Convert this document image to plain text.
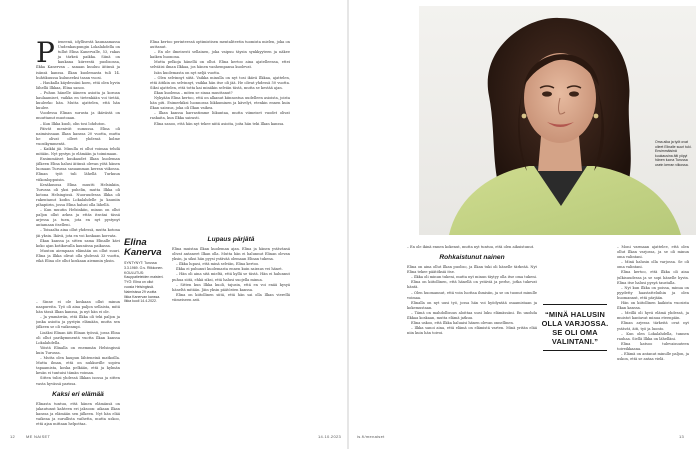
P ieneenä, idyllisestä kaunaamassa Uudenkaupungin Lokalahdella on tullut Elina Kanervalle, 53, rakas ja tärkeä paikka. Siinä on kaukana kiireestä puolisonsa, Ilkka Kanervan – sanaan kuuluu äitinsä ja isänsä kanssa. Ilkan kuolemasta tuli 14. huhtikuussa kuluneeksi tasan vuosi.

– Haukalla käydessäni koen, että olen hyvin lähellä Ilkkaa, Elina sanoo.

– Puhun hänelle ääneen asioita ja koroan kaulaamiset, vaikka en tietenkään voi tietää, kuuleeko hän. Mutta ajattelen, että hän kuulee.

Vuodessa Elinan surusta ja ikävästä on muuttanut muotoaan.

– Kun Ilkka kuoli, olin tosi lohduton.

Päivät menivät sumussa. Elina oli naimisissaan Ilkan kanssa 20 vuotta, mutta he olivat olleet yhdessä kolme vuosikymmentä.

– Kaikki jäi. Minulla ei ollut voimaa tehdä mitään. Nyt pystyn jo elämään ja toimimaan.

Ensimmäiset kuukaudet Ilkan kuoleman jälkeen Elina halusi äitinsä olevan yötä hänen luonaan Turussa sasuamman kerran viikossa. Elinan työt tuli lähellä Turkuun viikonloppuisin.

Kesäkuussa Elina muutti Helsinkiin, Turussa oli yksi puhelin, mutta Ilkka oli kotona Helsingissä. Nuoruudessa Ilkka oli rakentanut kodin Lokalahdelle ja kauniin pihapiirin, jossa Elina halusi olla lähellä.

– Kun muutin Helsinkiin, minun on ollut paljon ollut arkea ja ettäs itseäni tässä arjessa ja tuen, jota en nyt pystynyt antamaan itselleni.

– Toisaalta aina ollut yhdessä, mutta kotona jäi yksin. Ikävä, jota en voi koskaan korvata.

Ilkan kanssa ja sitten sama Elinalle kävi koko ajan kotikuvalla kauniissa paikassa.

Muuton aiempaan elämään on ollut suuri. Elina ja Ilkka olivat olla yhdessä 33 vuotta, eikä Elina ole ollut koskaan aiemmin yksin.

– Sinne ei ole koskaan ollut minun naapureita. Työ oli aina paljon sellaista, mitä hän tässä Ilkan kanssa, ja nyt hän ei ole.

– Ja ymmärrän, että Ilkka oli teki paljon ja jonka asioita ja pystyin elämään, mutta sen jälkeen se oli vaikeampi.

Lisäksi Elinan äiti Elinan työssä, jossa Elina oli ollut parikymmentä vuotta Ilkan kanssa Lokalahdella.

Yöistä Elinalla on enemmän Helsingissä kuin Turussa.

– Mutta olen kaupun lähteneinä matkoilla. Mutta ilman, että on nukkuville sopiva tapaamista, koska pelkään, että ja kylmän kesän ei tuntuisi tämän voiman.

Sitten tulisi yhdessä Ilkkan isossa ja sitten vasta hyvässä parissa.

Kaksi eri elämää

Elinasta tuntuu, että hänen elämänsä on jakautunut kahteen eri jaksoon: aikaan Ilkan kanssa ja elämään sen jälkeen. Nyt hän elää vaikeaa ja surullista vaihetta, mutta uskoo, että ajan mittaan helpottaa.

Elina kertoo perinteessä optimistisen mentaliteetin tuomista mielen, joka on auttanut.

– En ole ilmeisesti sellainen, joka vaipuu täysin synkkyyteen ja näkee kaiken huonona.

Mutta pelkoja hänellä on ollut. Elina kertoo aina ajatelleensa, ettei selviäisi ilman Ilkkaa, jos hänen vanhempansa kuolevat.

Isän kuolemasta on nyt neljä vuotta.

– Olen selvinnyt siitä. Vaikka minulla on nyt tosi ikävä Ilkkaa, ajattelen, että äitikin on selvinnyt, vaikka hän itse oli jää. He olivat yhdessä 50 vuotta. Siksi ajattelen, että totta kai minäkin selviän tästä, mutta se kestää ajan.

Ilkan kuolema – miten se sinua muuttanut?

Nykyään Elina kertoo, että on alkanut kiinnostua uudelleen asioista, joista hän piti. Esimerkiksi luonnossa liikkuminen ja kävelyt, etenkin ennen kuin Ilkan sairaus, joka oli Ilkan vaikea.

– Ilkan kanssa harrastimme liikuntaa, mutta viimeiset vuodet olivat raskaita, kun Ilkka sairasti.

Elina sanoo, että hän nyt tekee niitä asioita, joita hän teki Ilkan kanssa.

Elina
Kanerva
SYNTYNYT: Turussa 3.3.1969. O.s. Riikkonen. KOULUTUS: Kauppatieteiden maisteri. TYÖ: Elina on ollut vuosia Helsingissä. Naimisissa 29 vuotta Ilkka Kanervan kanssa. Ilkka kuoli 14.4.2022.
Lupaus pärjätä

Elina muistaa Ilkan kuoleman ajan. Elina ja hänen ystävänsä olivat antaneet Ilkan olla. Mutta hän ei halunnut Elinan olevan yksin, ja siksi hän pyysi ystävää olemaan Elinan tukena.

– Ilkka lupasi, että minä selviän, Elina kertoo.

Ilkka ei puhunut kuolemasta ennen kuin sairaus vei hänet.

– Hän oli aina sitä mieltä, että kyllä se tästä. Hän ei halunnut puhua siitä, ehkä siksi, että halusi suojella minua.

– Sitten kun Ilkka kuoli, tajusin, että en voi enää kysyä häneltä mitään. Jäin yksin päätösten kanssa.

Elina on kiitollinen siitä, että hän sai olla Ilkan vierellä viimeiseen asti.

12	ME NAISET	14.10.2023
Oma aika ja työt ovat olleet Elinalle suuri tuki. Ensimmäisinä kuukausina äiti yöpyi hänen luona Turussa usein kerran viikossa.

– En ole ikinä ennen kokenut, mutta nyt tuntuu, että olen aikuistunut.

Rohkaistunut nainen

Elina on aina ollut Ilkan puoliso, ja Ilkan tuki oli hänelle tärkeää. Nyt Elina tekee päätöksiä itse.

– Ilkka oli minun tukeni, mutta nyt minun täytyy olla itse oma tukeni.

Elina on kiitollinen, että hänellä on ystäviä ja perhe, jotka tukevat häntä.

– Olen huomannut, että voin luottaa ihmisiin, ja se on tuonut minulle voimaa.

Elinalla on nyt uusi työ, jossa hän voi hyödyntää osaamistaan ja kokemustaan.

– Tämä on mahdollisuus aloittaa uusi luku elämässäni. En unohda Ilkkaa koskaan, mutta elämä jatkuu.

Elina uskoo, että Ilkka haluaisi hänen olevan onnellinen.

– Ilkka sanoi aina, että elämä on elämistä varten. Minä yritän elää niin kuin hän toivoi.

“MINÄ HALUSIN
OLLA VARJOSSA.
SE OLI OMA
VALINTANI.”

– Moni varmaan ajattelee, että olen ollut Ilkan varjossa, ja se oli minun oma valintani.

– Minä halusin olla varjossa. Se oli oma valintani.

Elina kertoo, että Ilkka oli aina julkisuudessa ja se sopi hänelle hyvin. Elina itse halusi pysyä taustalla.

– Nyt kun Ilkka on poissa, minua on pyydetty haastatteluihin ja olen huomannut, että pärjään.

Hän on kiitollinen kaikista vuosista Ilkan kanssa.

– Meillä oli hyvä elämä yhdessä, ja muistot kantavat minua eteenpäin.

Elinan arjessa tärkeitä ovat nyt ystävät, äiti, työ ja luonto.

– Kun olen Lokalahdella, tunnen rauhaa. Siellä Ilkka on lähelläni.

Elina katsoo tulevaisuuteen toiveikkaana.

– Elämä on antanut minulle paljon, ja uskon, että se antaa vielä.

is.fi/menaiset	13
